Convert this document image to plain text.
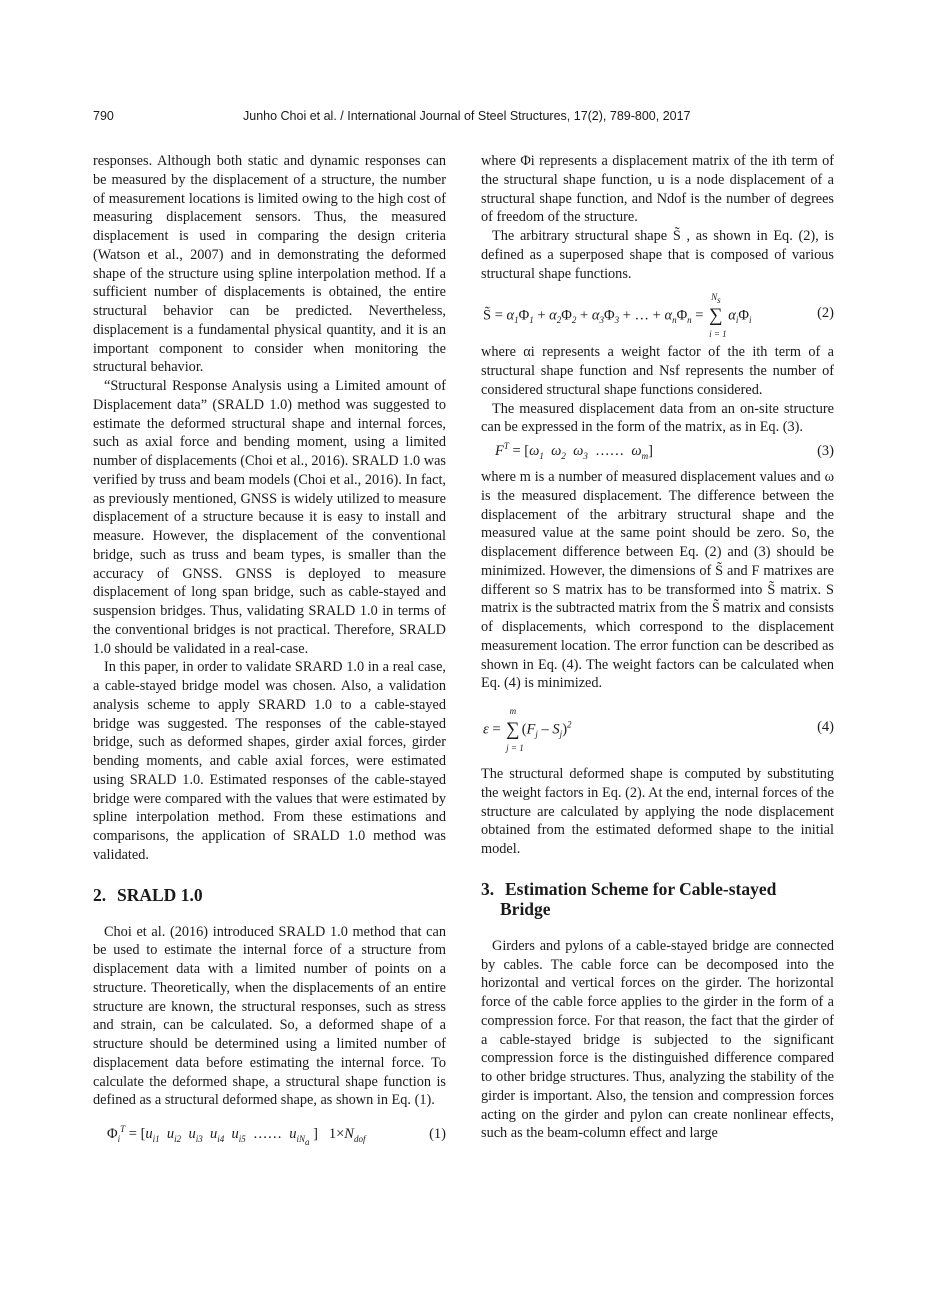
790	Junho Choi et al. / International Journal of Steel Structures, 17(2), 789-800, 2017

responses. Although both static and dynamic responses can be measured by the displacement of a structure, the number of measurement locations is limited owing to the high cost of measuring displacement sensors. Thus, the measured displacement is used in comparing the design criteria (Watson et al., 2007) and in demonstrating the deformed shape of the structure using spline interpolation method. If a sufficient number of displacements is obtained, the entire structural behavior can be predicted. Nevertheless, displacement is a fundamental physical quantity, and it is an important component to consider when monitoring the structural behavior.

“Structural Response Analysis using a Limited amount of Displacement data” (SRALD 1.0) method was suggested to estimate the deformed structural shape and internal forces, such as axial force and bending moment, using a limited number of displacements (Choi et al., 2016). SRALD 1.0 was verified by truss and beam models (Choi et al., 2016). In fact, as previously mentioned, GNSS is widely utilized to measure displacement of a structure because it is easy to install and measure. However, the displacement of the conventional bridge, such as truss and beam types, is smaller than the accuracy of GNSS. GNSS is deployed to measure displacement of long span bridge, such as cable-stayed and suspension bridges. Thus, validating SRALD 1.0 in terms of the conventional bridges is not practical. Therefore, SRALD 1.0 should be validated in a real-case.

In this paper, in order to validate SRARD 1.0 in a real case, a cable-stayed bridge model was chosen. Also, a validation analysis scheme to apply SRARD 1.0 to a cable-stayed bridge was suggested. The responses of the cable-stayed bridge, such as deformed shapes, girder axial forces, girder bending moments, and cable axial forces, were estimated using SRALD 1.0. Estimated responses of the cable-stayed bridge were compared with the values that were estimated by spline interpolation method. From these estimations and comparisons, the application of SRALD 1.0 method was validated.

2. SRALD 1.0

Choi et al. (2016) introduced SRALD 1.0 method that can be used to estimate the internal force of a structure from displacement data with a limited number of points on a structure. Theoretically, when the displacements of an entire structure are known, the structural responses, such as stress and strain, can be calculated. So, a deformed shape of a structure should be determined using a limited number of displacement data before estimating the internal force. To calculate the deformed shape, a structural shape function is defined as a structural deformed shape, as shown in Eq. (1).

$\Phi_i^T = [u_{i1}$  $u_{i2}$  $u_{i3}$  $u_{i4}$  $u_{i5}$  ……  $u_{iN_a}$ ]   $1\times N_{dof}$	(1)

where Φi represents a displacement matrix of the ith term of the structural shape function, u is a node displacement of a structural shape function, and Ndof is the number of degrees of freedom of the structure.

The arbitrary structural shape S̃ , as shown in Eq. (2), is defined as a superposed shape that is composed of various structural shape functions.

S̃ = $\alpha_1\Phi_1 + \alpha_2\Phi_2 + \alpha_3\Phi_3$ + … + $\alpha_n\Phi_n$ =
$N_s$
∑
i = 1
$\alpha_i\Phi_i$	(2)

where αi represents a weight factor of the ith term of a structural shape function and Nsf represents the number of considered structural shape functions considered.

The measured displacement data from an on-site structure can be expressed in the form of the matrix, as in Eq. (3).

$F^T = [\omega_1$  $\omega_2$  $\omega_3$  ……  $\omega_m$]	(3)

where m is a number of measured displacement values and ω is the measured displacement. The difference between the displacement of the arbitrary structural shape and the measured value at the same point should be zero. So, the displacement difference between Eq. (2) and (3) should be minimized. However, the dimensions of S̃ and F matrixes are different so S matrix has to be transformed into S̃ matrix. S matrix is the subtracted matrix from the S̃ matrix and consists of displacements, which correspond to the displacement measurement location. The error function can be described as shown in Eq. (4). The weight factors can be calculated when Eq. (4) is minimized.

ε =
m
∑
j = 1
$(F_j - S_j)^2$	(4)

The structural deformed shape is computed by substituting the weight factors in Eq. (2). At the end, internal forces of the structure are calculated by applying the node displacement obtained from the estimated deformed shape to the initial model.

3. Estimation Scheme for Cable-stayed
Bridge

Girders and pylons of a cable-stayed bridge are connected by cables. The cable force can be decomposed into the horizontal and vertical forces on the girder. The horizontal force of the cable force applies to the girder in the form of a compression force. For that reason, the fact that the girder of a cable-stayed bridge is subjected to the significant compression force is the distinguished difference compared to other bridge structures. Thus, analyzing the stability of the girder is important. Also, the tension and compression forces acting on the girder and pylon can create nonlinear effects, such as the beam-column effect and large
